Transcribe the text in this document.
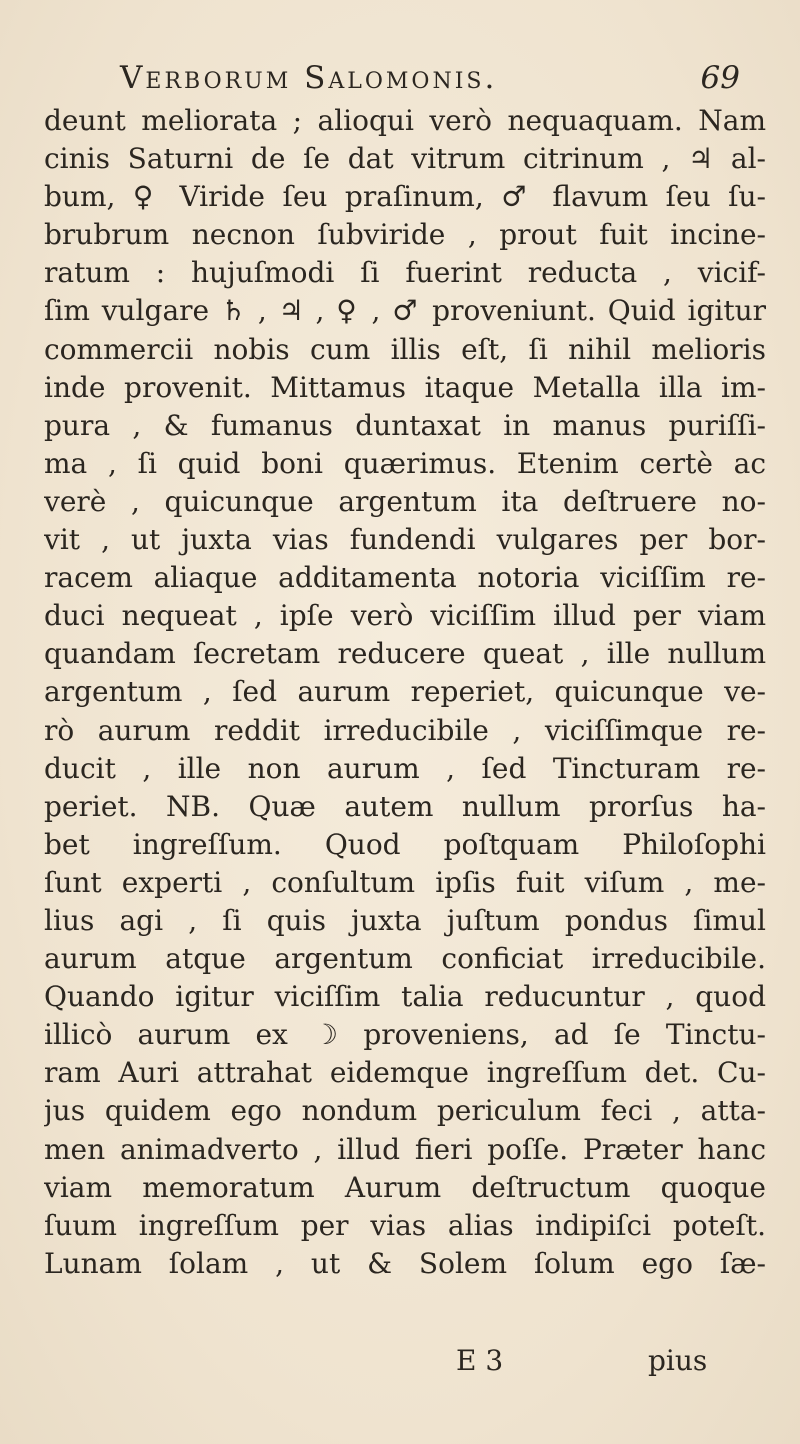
Verborum Salomonis.	69
deunt meliorata ; alioqui verò nequaquam. Nam
cinis Saturni de ſe dat vitrum citrinum , ♃ al-
bum, ♀ Viride ſeu praſinum, ♂ flavum ſeu ſu-
brubrum necnon ſubviride , prout fuit incine-
ratum : hujuſmodi ſi fuerint reducta , vicif-
ſim vulgare ♄ , ♃ , ♀ , ♂ proveniunt. Quid igitur
commercii nobis cum illis eſt, ſi nihil melioris
inde provenit. Mittamus itaque Metalla illa im-
pura , & fumanus duntaxat in manus puriſſi-
ma , ſi quid boni quærimus. Etenim certè ac
verè , quicunque argentum ita deſtruere no-
vit , ut juxta vias fundendi vulgares per bor-
racem aliaque additamenta notoria viciſſim re-
duci nequeat , ipſe verò viciſſim illud per viam
quandam ſecretam reducere queat , ille nullum
argentum , ſed aurum reperiet, quicunque ve-
rò aurum reddit irreducibile , viciſſimque re-
ducit , ille non aurum , ſed Tincturam re-
periet. NB. Quæ autem nullum prorſus ha-
bet ingreſſum. Quod poſtquam Philoſophi
ſunt experti , conſultum ipſis fuit viſum , me-
lius agi , ſi quis juxta juſtum pondus ſimul
aurum atque argentum conficiat irreducibile.
Quando igitur viciſſim talia reducuntur , quod
illicò aurum ex ☽ proveniens, ad ſe Tinctu-
ram Auri attrahat eidemque ingreſſum det. Cu-
jus quidem ego nondum periculum feci , atta-
men animadverto , illud fieri poſſe. Præter hanc
viam memoratum Aurum deſtructum quoque
ſuum ingreſſum per vias alias indipiſci poteſt.
Lunam ſolam , ut & Solem ſolum ego ſæ-
E 3	pius
